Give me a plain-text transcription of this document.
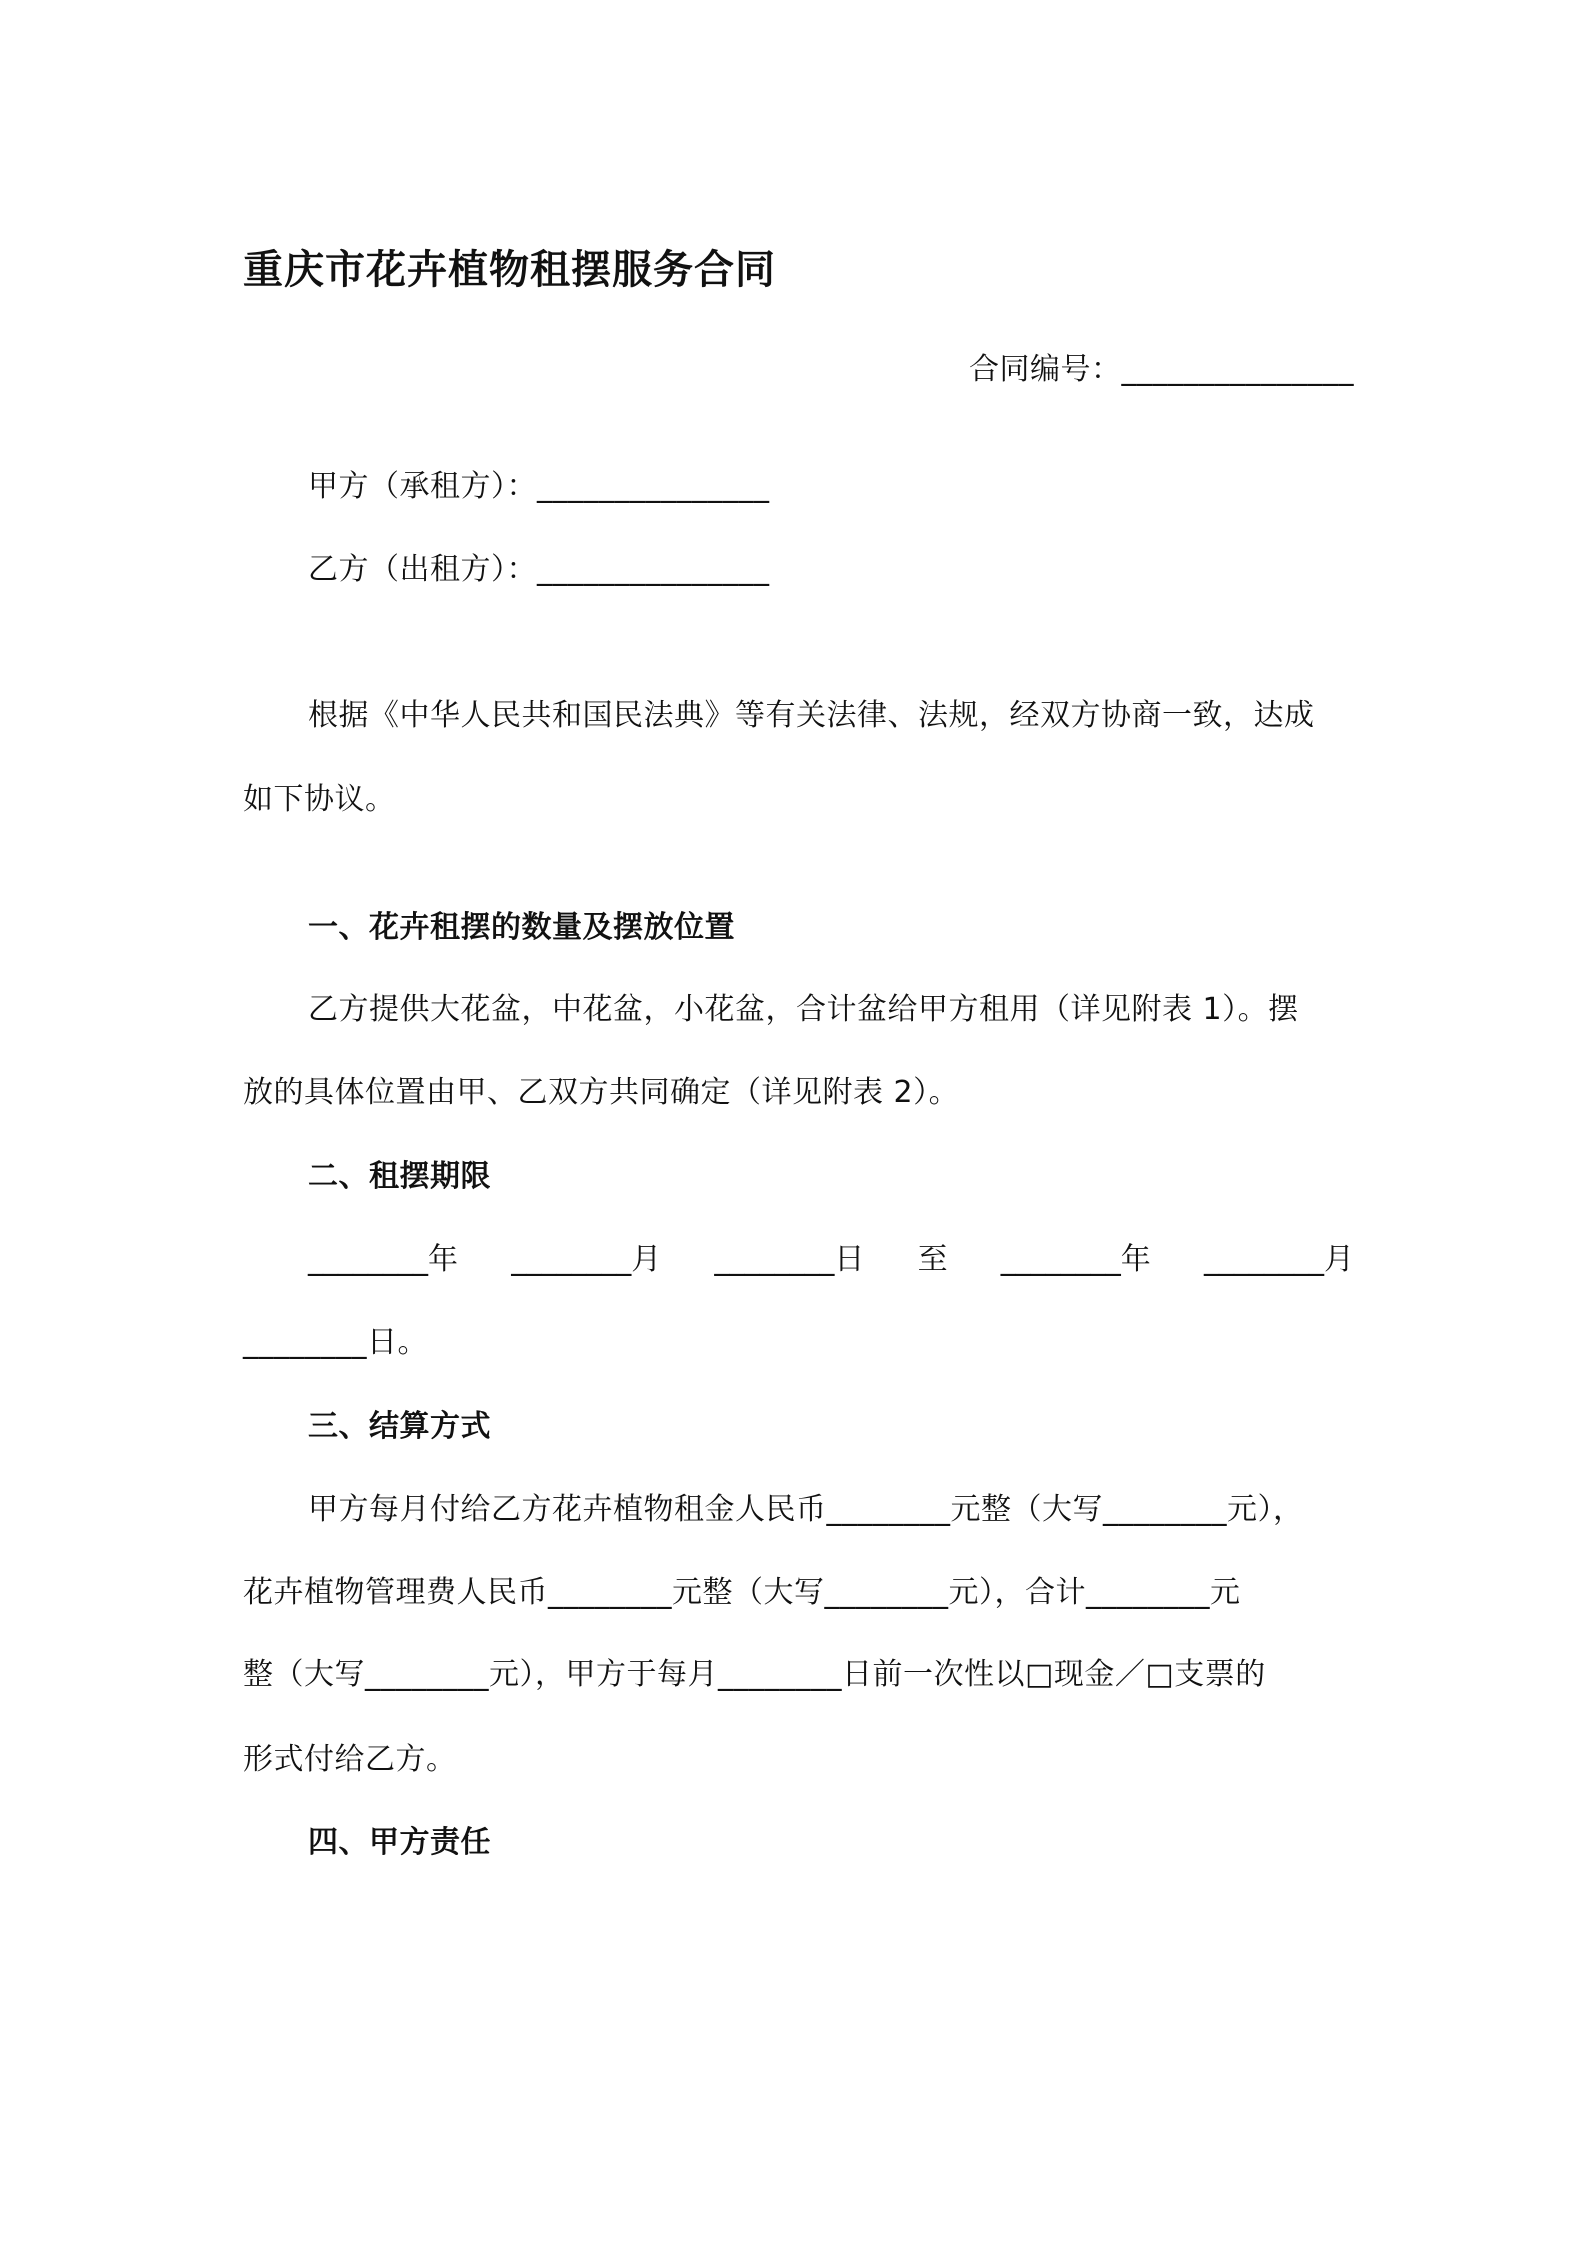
重庆市花卉植物租摆服务合同
合同编号：_______________
甲方（承租方）：_______________
乙方（出租方）：_______________
根据《中华人民共和国民法典》等有关法律、法规，经双方协商一致，达成
如下协议。
一、花卉租摆的数量及摆放位置
乙方提供大花盆，中花盆，小花盆，合计盆给甲方租用（详见附表 1）。摆
放的具体位置由甲、乙双方共同确定（详见附表 2）。
二、租摆期限
________年 ________月 ________日 至 ________年 ________月
________日。
三、结算方式
甲方每月付给乙方花卉植物租金人民币________元整（大写________元），
花卉植物管理费人民币________元整（大写________元），合计________元
整（大写________元），甲方于每月________日前一次性以□现金／□支票的
形式付给乙方。
四、甲方责任
